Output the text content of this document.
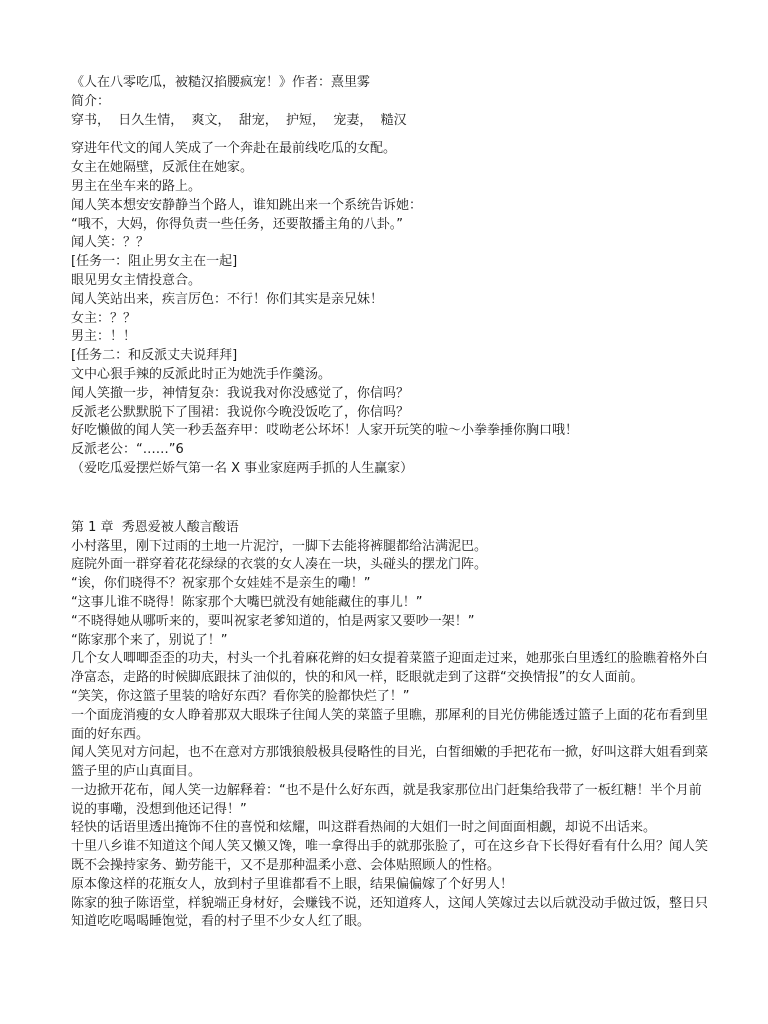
《人在八零吃瓜，被糙汉掐腰疯宠！》作者：熹里雾
简介：
穿书，  日久生情，  爽文，  甜宠，  护短，  宠妻，  糙汉
穿进年代文的闻人笑成了一个奔赴在最前线吃瓜的女配。
女主在她隔壁，反派住在她家。
男主在坐车来的路上。
闻人笑本想安安静静当个路人，谁知跳出来一个系统告诉她：
“哦不，大妈，你得负责一些任务，还要散播主角的八卦。”
闻人笑：？？
[任务一：阻止男女主在一起]
眼见男女主情投意合。
闻人笑站出来，疾言厉色：不行！你们其实是亲兄妹！
女主：？？
男主：！！
[任务二：和反派丈夫说拜拜]
文中心狠手辣的反派此时正为她洗手作羹汤。
闻人笑撤一步，神情复杂：我说我对你没感觉了，你信吗？
反派老公默默脱下了围裙：我说你今晚没饭吃了，你信吗？
好吃懒做的闻人笑一秒丢盔弃甲：哎呦老公坏坏！人家开玩笑的啦～小拳拳捶你胸口哦！
反派老公：“……”6
（爱吃瓜爱摆烂娇气第一名 X 事业家庭两手抓的人生赢家）
第 1 章  秀恩爱被人酸言酸语
小村落里，刚下过雨的土地一片泥泞，一脚下去能将裤腿都给沾满泥巴。
庭院外面一群穿着花花绿绿的衣裳的女人凑在一块，头碰头的摆龙门阵。
“诶，你们晓得不？祝家那个女娃娃不是亲生的嘞！”
“这事儿谁不晓得！陈家那个大嘴巴就没有她能藏住的事儿！”
“不晓得她从哪听来的，要叫祝家老爹知道的，怕是两家又要吵一架！”
“陈家那个来了，别说了！”
几个女人唧唧歪歪的功夫，村头一个扎着麻花辫的妇女提着菜篮子迎面走过来，她那张白里透红的脸瞧着格外白净富态，走路的时候脚底跟抹了油似的，快的和风一样，眨眼就走到了这群“交换情报”的女人面前。
“笑笑，你这篮子里装的啥好东西？看你笑的脸都快烂了！”
一个面庞消瘦的女人睁着那双大眼珠子往闻人笑的菜篮子里瞧，那犀利的目光仿佛能透过篮子上面的花布看到里面的好东西。
闻人笑见对方问起，也不在意对方那饿狼般极具侵略性的目光，白皙细嫩的手把花布一掀，好叫这群大姐看到菜篮子里的庐山真面目。
一边掀开花布，闻人笑一边解释着：“也不是什么好东西，就是我家那位出门赶集给我带了一板红糖！半个月前说的事嘞，没想到他还记得！”
轻快的话语里透出掩饰不住的喜悦和炫耀，叫这群看热闹的大姐们一时之间面面相觑，却说不出话来。
十里八乡谁不知道这个闻人笑又懒又馋，唯一拿得出手的就那张脸了，可在这乡旮下长得好看有什么用？闻人笑既不会操持家务、勤劳能干，又不是那种温柔小意、会体贴照顾人的性格。
原本像这样的花瓶女人，放到村子里谁都看不上眼，结果偏偏嫁了个好男人！
陈家的独子陈语堂，样貌端正身材好，会赚钱不说，还知道疼人，这闻人笑嫁过去以后就没动手做过饭，整日只知道吃吃喝喝睡饱觉，看的村子里不少女人红了眼。
